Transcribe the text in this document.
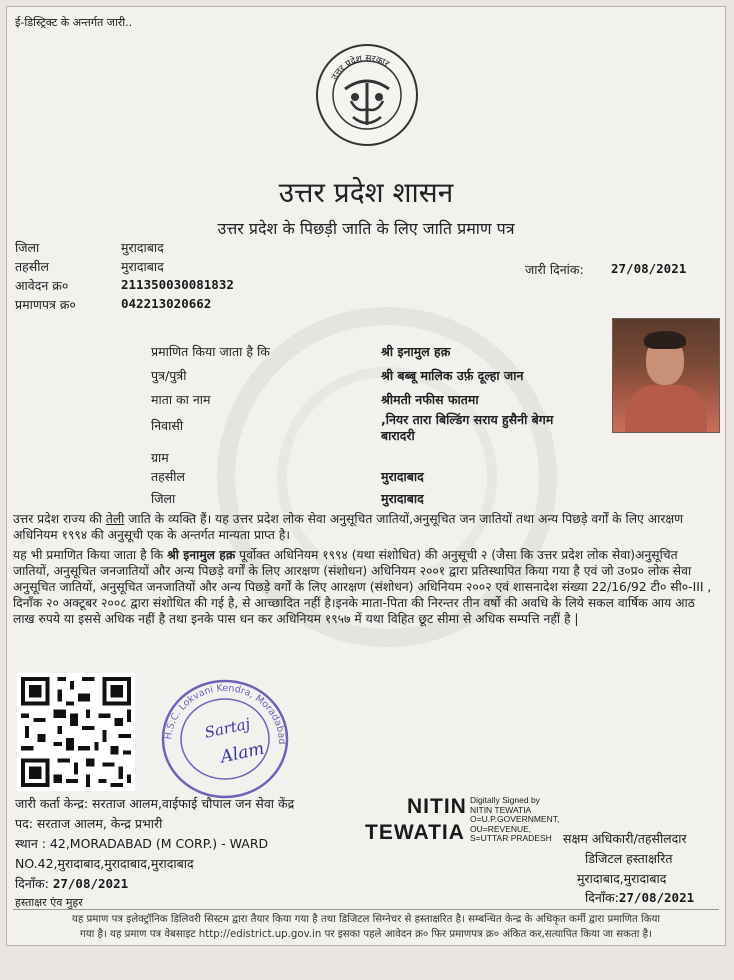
ई-डिस्ट्रिक्ट के अन्तर्गत जारी..
उत्तर प्रदेश सरकार
उत्तर प्रदेश शासन
उत्तर प्रदेश के पिछड़ी जाति के लिए जाति प्रमाण पत्र
जिला	मुरादाबाद
तहसील	मुरादाबाद
आवेदन क्र०	211350030081832
प्रमाणपत्र क्र०	042213020662
जारी दिनांक: 27/08/2021
प्रमाणित किया जाता है कि	श्री इनामुल हक़
पुत्र/पुत्री	श्री बब्बू मालिक उर्फ़ दूल्हा जान
माता का नाम	श्रीमती नफीस फातमा
निवासी	,नियर तारा बिल्डिंग सराय हुसैनी बेगम
बारादरी
ग्राम
तहसील	मुरादाबाद
जिला	मुरादाबाद
उत्तर प्रदेश राज्य की तेली जाति के व्यक्ति हैं। यह उत्तर प्रदेश लोक सेवा अनुसूचित जातियों,अनुसूचित जन जातियों तथा अन्य पिछड़े वर्गों के लिए आरक्षण अधिनियम १९९४ की अनुसूची एक के अन्तर्गत मान्यता प्राप्त है।
यह भी प्रमाणित किया जाता है कि श्री इनामुल हक़ पूर्वोक्त अधिनियम १९९४ (यथा संशोधित) की अनुसूची २ (जैसा कि उत्तर प्रदेश लोक सेवा)अनुसूचित जातियों, अनुसूचित जनजातियों और अन्य पिछड़े वर्गों के लिए आरक्षण (संशोधन) अधिनियम २००१ द्वारा प्रतिस्थापित किया गया है एवं जो उ०प्र० लोक सेवा अनुसूचित जातियों, अनुसूचित जनजातियों और अन्य पिछड़े वर्गों के लिए आरक्षण (संशोधन) अधिनियम २००२ एवं शासनादेश संख्या 22/16/92 टी० सी०-III , दिनाँक २० अक्टूबर २००८ द्वारा संशोधित की गई है, से आच्छादित नहीं है।इनके माता-पिता की निरन्तर तीन वर्षो की अवधि के लिये सकल वार्षिक आय आठ लाख रुपये या इससे अधिक नहीं है तथा इनके पास धन कर अधिनियम १९५७ में यथा विहित छूट सीमा से अधिक सम्पत्ति नहीं है |
H.S.C. Lokvani Kendra, Moradabad
Sartaj
Alam
जारी कर्ता केन्द्र: सरताज आलम,वाईफाई चौपाल जन सेवा केंद्र
पद: सरताज आलम, केन्द्र प्रभारी
स्थान : 42,MORADABAD (M CORP.) - WARD
NO.42,मुरादाबाद,मुरादाबाद,मुरादाबाद
दिनाँक: 27/08/2021
हस्ताक्षर एंव मुहर
NITIN
TEWATIA
Digitally Signed by
NITIN TEWATIA
O=U.P.GOVERNMENT,
OU=REVENUE,
S=UTTAR PRADESH सक्षम अधिकारी/तहसीलदार
डिजिटल हस्ताक्षरित
मुरादाबाद,मुरादाबाद
दिनाँक:27/08/2021
यह प्रमाण पत्र इलेक्ट्रॉनिक डिलिवरी सिस्टम द्वारा तैयार किया गया है तथा डिजिटल सिग्नेचर से हस्ताक्षरित है। सम्बन्धित केन्द्र के अधिकृत कर्मी द्वारा प्रमाणित किया
गया है। यह प्रमाण पत्र वेबसाइट http://edistrict.up.gov.in पर इसका पहले आवेदन क्र० फिर प्रमाणपत्र क्र० अंकित कर,सत्यापित किया जा सकता है।
